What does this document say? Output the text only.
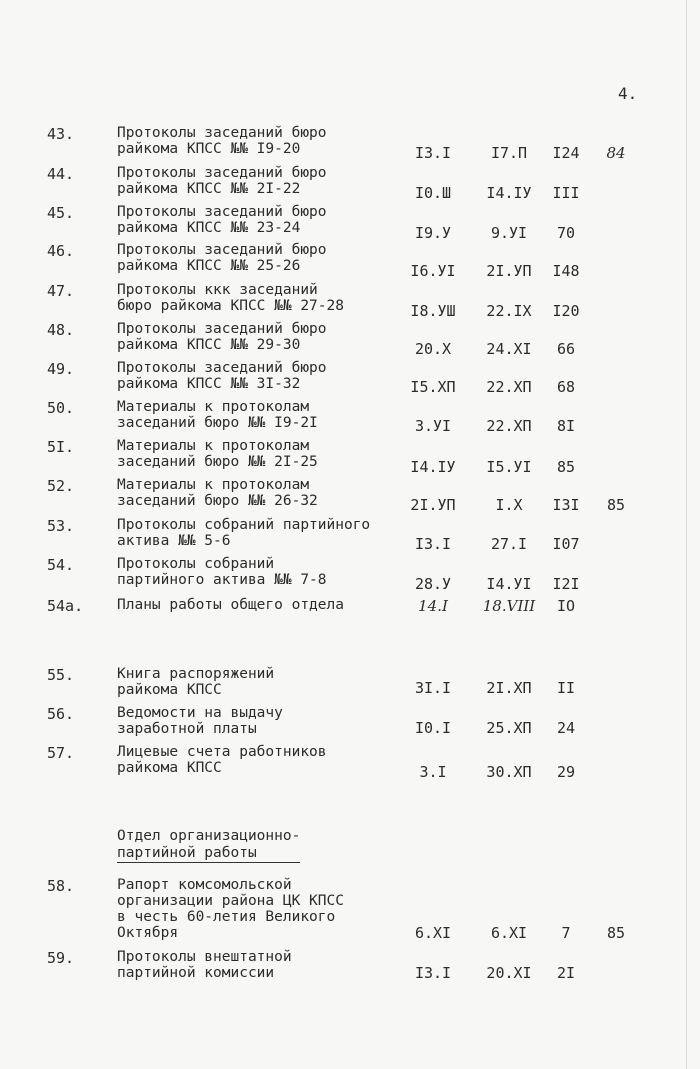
4.
43.	Протоколы заседаний бюро
райкома КПСС №№ I9-20	I3.I	I7.П	I24	84
44.	Протоколы заседаний бюро
райкома КПСС №№ 2I-22	I0.Ш	I4.IУ	III
45.	Протоколы заседаний бюро
райкома КПСС №№ 23-24	I9.У	9.УI	70
46.	Протоколы заседаний бюро
райкома КПСС №№ 25-26	I6.УI	2I.УП	I48
47.	Протоколы ккк заседаний
бюро райкома КПСС №№ 27-28	I8.УШ	22.IX	I20
48.	Протоколы заседаний бюро
райкома КПСС №№ 29-30	20.X	24.XI	66
49.	Протоколы заседаний бюро
райкома КПСС №№ 3I-32	I5.XП	22.XП	68
50.	Материалы к протоколам
заседаний бюро №№ I9-2I	3.УI	22.XП	8I
5I.	Материалы к протоколам
заседаний бюро №№ 2I-25	I4.IУ	I5.УI	85
52.	Материалы к протоколам
заседаний бюро №№ 26-32	2I.УП	I.X	I3I	85
53.	Протоколы собраний партийного
актива №№ 5-6	I3.I	27.I	I07
54.	Протоколы собраний
партийного актива №№ 7-8	28.У	I4.УI	I2I
54а. Планы работы общего отдела	14.I	18.VIII	IO
55.	Книга распоряжений
райкома КПСС	3I.I	2I.XП	II
56.	Ведомости на выдачу
заработной платы	I0.I	25.XП	24
57.	Лицевые счета работников
райкома КПСС	3.I	30.XП	29
58.	Рапорт комсомольской
организации района ЦК КПСС
в честь 60-летия Великого
Октября	6.XI	6.XI	7	85
59.	Протоколы внештатной
партийной комиссии	I3.I	20.XI	2I
Отдел организационно-
партийной работы
